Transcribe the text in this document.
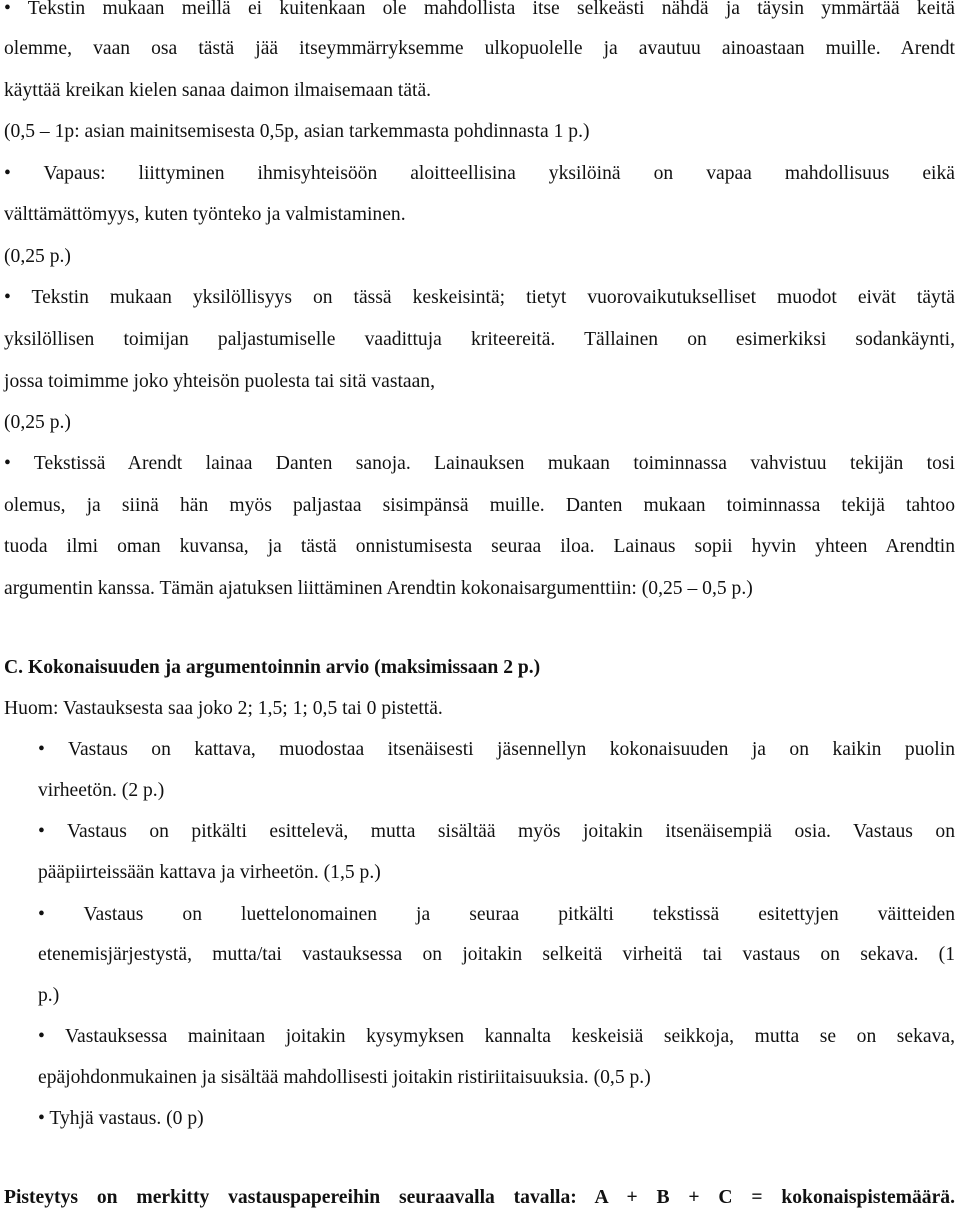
• Tekstin mukaan meillä ei kuitenkaan ole mahdollista itse selkeästi nähdä ja täysin ymmärtää keitä
olemme, vaan osa tästä jää itseymmärryksemme ulkopuolelle ja avautuu ainoastaan muille. Arendt
käyttää kreikan kielen sanaa daimon ilmaisemaan tätä.
(0,5 – 1p: asian mainitsemisesta 0,5p, asian tarkemmasta pohdinnasta 1 p.)
• Vapaus: liittyminen ihmisyhteisöön aloitteellisina yksilöinä on vapaa mahdollisuus eikä
välttämättömyys, kuten työnteko ja valmistaminen.
(0,25 p.)
• Tekstin mukaan yksilöllisyys on tässä keskeisintä; tietyt vuorovaikutukselliset muodot eivät täytä
yksilöllisen toimijan paljastumiselle vaadittuja kriteereitä. Tällainen on esimerkiksi sodankäynti,
jossa toimimme joko yhteisön puolesta tai sitä vastaan,
(0,25 p.)
• Tekstissä Arendt lainaa Danten sanoja. Lainauksen mukaan toiminnassa vahvistuu tekijän tosi
olemus, ja siinä hän myös paljastaa sisimpänsä muille. Danten mukaan toiminnassa tekijä tahtoo
tuoda ilmi oman kuvansa, ja tästä onnistumisesta seuraa iloa. Lainaus sopii hyvin yhteen Arendtin
argumentin kanssa. Tämän ajatuksen liittäminen Arendtin kokonaisargumenttiin: (0,25 – 0,5 p.)
C. Kokonaisuuden ja argumentoinnin arvio (maksimissaan 2 p.)
Huom: Vastauksesta saa joko 2; 1,5; 1; 0,5 tai 0 pistettä.
• Vastaus on kattava, muodostaa itsenäisesti jäsennellyn kokonaisuuden ja on kaikin puolin
virheetön. (2 p.)
• Vastaus on pitkälti esittelevä, mutta sisältää myös joitakin itsenäisempiä osia. Vastaus on
pääpiirteissään kattava ja virheetön. (1,5 p.)
• Vastaus on luettelonomainen ja seuraa pitkälti tekstissä esitettyjen väitteiden
etenemisjärjestystä, mutta/tai vastauksessa on joitakin selkeitä virheitä tai vastaus on sekava. (1
p.)
• Vastauksessa mainitaan joitakin kysymyksen kannalta keskeisiä seikkoja, mutta se on sekava,
epäjohdonmukainen ja sisältää mahdollisesti joitakin ristiriitaisuuksia. (0,5 p.)
• Tyhjä vastaus. (0 p)
Pisteytys on merkitty vastauspapereihin seuraavalla tavalla: A + B + C = kokonaispistemäärä.
